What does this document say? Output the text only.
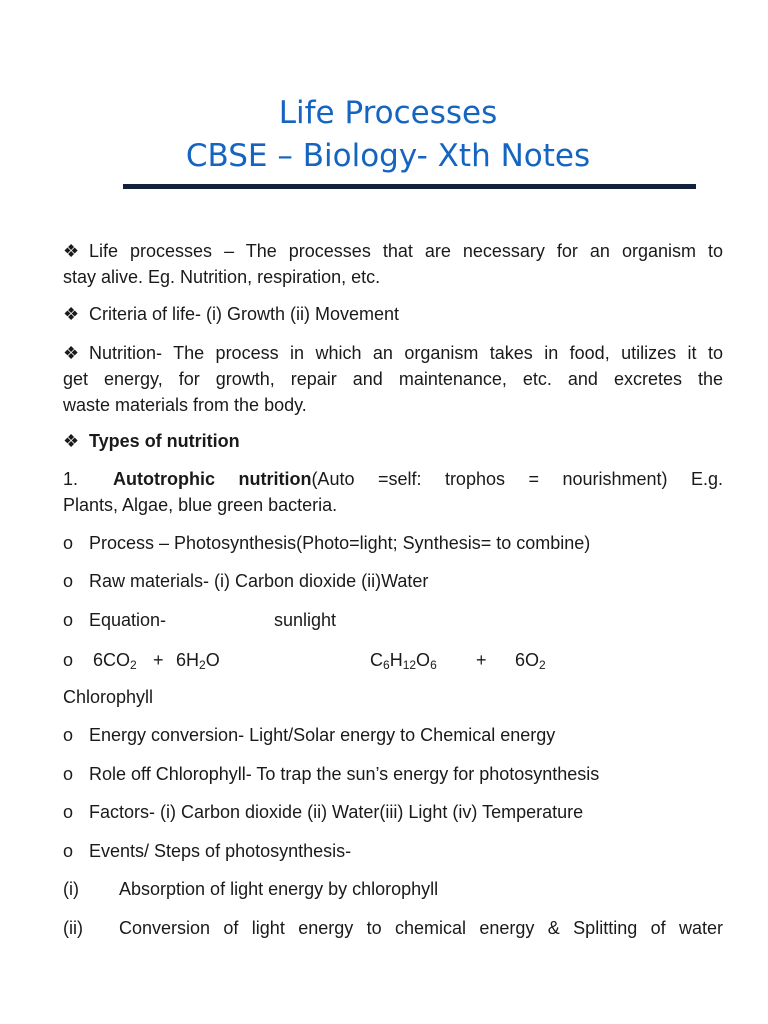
Life Processes
CBSE – Biology- Xth Notes
❖ Life processes – The processes that are necessary for an organism to
stay alive. Eg. Nutrition, respiration, etc.
❖ Criteria of life- (i) Growth (ii) Movement
❖ Nutrition- The process in which an organism takes in food, utilizes it to
get energy, for growth, repair and maintenance, etc. and excretes the
waste materials from the body.
❖ Types of nutrition
1. Autotrophic nutrition(Auto =self: trophos = nourishment) E.g.
Plants, Algae, blue green bacteria.
o Process – Photosynthesis(Photo=light; Synthesis= to combine)
o Raw materials- (i) Carbon dioxide (ii)Water
o Equation-	sunlight
o $6CO_2 + 6H_2O$	$C_6H_{12}O_6 + 6O_2$
Chlorophyll
o Energy conversion- Light/Solar energy to Chemical energy
o Role off Chlorophyll- To trap the sun’s energy for photosynthesis
o Factors- (i) Carbon dioxide (ii) Water(iii) Light (iv) Temperature
o Events/ Steps of photosynthesis-
(i) Absorption of light energy by chlorophyll
(ii) Conversion of light energy to chemical energy & Splitting of water
